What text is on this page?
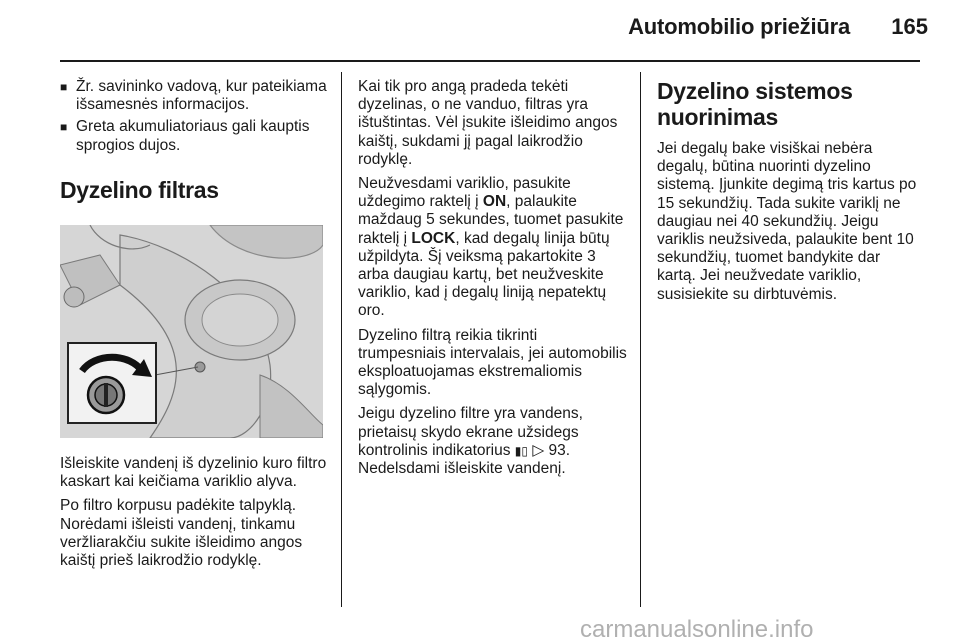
Automobilio priežiūra	165
■ Žr. savininko vadovą, kur pateikiama išsamesnės informacijos.
■ Greta akumuliatoriaus gali kauptis sprogios dujos.
Dyzelino filtras

Išleiskite vandenį iš dyzelinio kuro filtro kaskart kai keičiama variklio alyva.

Po filtro korpusu padėkite talpyklą. Norėdami išleisti vandenį, tinkamu veržliarakčiu sukite išleidimo angos kaištį prieš laikrodžio rodyklę.

Kai tik pro angą pradeda tekėti dyzelinas, o ne vanduo, filtras yra ištuštintas. Vėl įsukite išleidimo angos kaištį, sukdami jį pagal laikrodžio rodyklę.

Neužvesdami variklio, pasukite uždegimo raktelį į ON, palaukite maždaug 5 sekundes, tuomet pasukite raktelį į LOCK, kad degalų linija būtų užpildyta. Šį veiksmą pakartokite 3 arba daugiau kartų, bet neužveskite variklio, kad į degalų liniją nepatektų oro.

Dyzelino filtrą reikia tikrinti trumpesniais intervalais, jei automobilis eksploatuojamas ekstremaliomis sąlygomis.

Jeigu dyzelino filtre yra vandens, prietaisų skydo ekrane užsidegs kontrolinis indikatorius ▮▯ ▷ 93.
Nedelsdami išleiskite vandenį.

Dyzelino sistemos nuorinimas

Jei degalų bake visiškai nebėra degalų, būtina nuorinti dyzelino sistemą. Įjunkite degimą tris kartus po 15 sekundžių. Tada sukite variklį ne daugiau nei 40 sekundžių. Jeigu variklis neužsiveda, palaukite bent 10 sekundžių, tuomet bandykite dar kartą. Jei neužvedate variklio, susisiekite su dirbtuvėmis.

carmanualsonline.info
